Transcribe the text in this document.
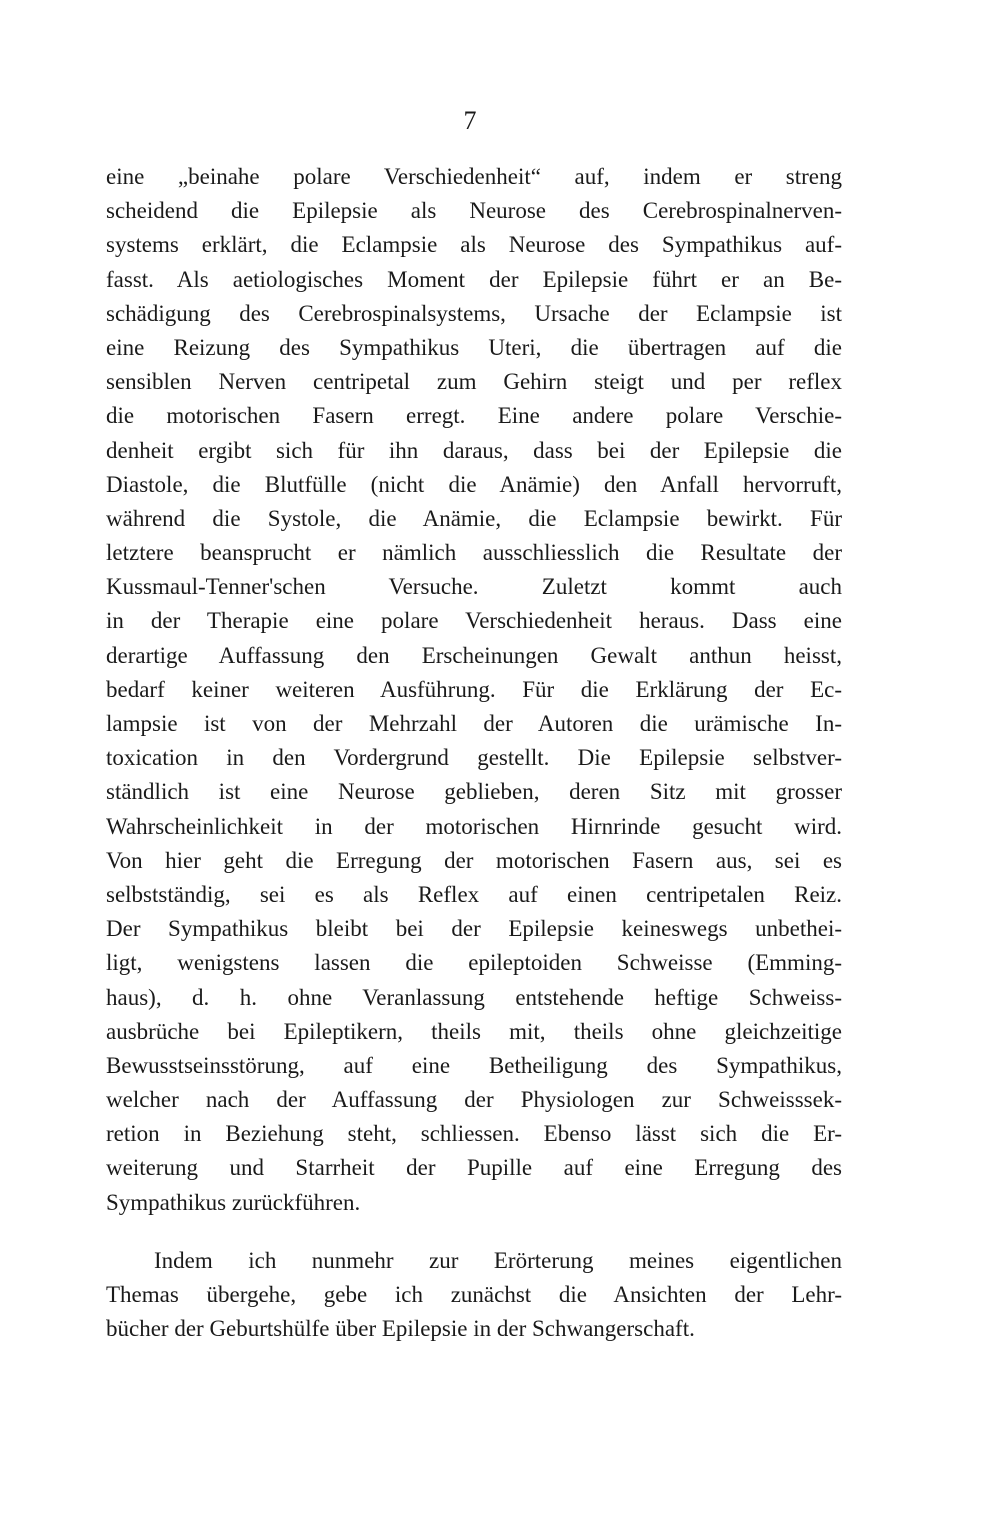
7
eine „beinahe polare Verschiedenheit“ auf, indem er streng
scheidend die Epilepsie als Neurose des Cerebrospinalnerven-
systems erklärt, die Eclampsie als Neurose des Sympathikus auf-
fasst. Als aetiologisches Moment der Epilepsie führt er an Be-
schädigung des Cerebrospinalsystems, Ursache der Eclampsie ist
eine Reizung des Sympathikus Uteri, die übertragen auf die
sensiblen Nerven centripetal zum Gehirn steigt und per reflex
die motorischen Fasern erregt. Eine andere polare Verschie-
denheit ergibt sich für ihn daraus, dass bei der Epilepsie die
Diastole, die Blutfülle (nicht die Anämie) den Anfall hervorruft,
während die Systole, die Anämie, die Eclampsie bewirkt. Für
letztere beansprucht er nämlich ausschliesslich die Resultate der
Kussmaul-Tenner'schen Versuche. Zuletzt kommt auch
in der Therapie eine polare Verschiedenheit heraus. Dass eine
derartige Auffassung den Erscheinungen Gewalt anthun heisst,
bedarf keiner weiteren Ausführung. Für die Erklärung der Ec-
lampsie ist von der Mehrzahl der Autoren die urämische In-
toxication in den Vordergrund gestellt. Die Epilepsie selbstver-
ständlich ist eine Neurose geblieben, deren Sitz mit grosser
Wahrscheinlichkeit in der motorischen Hirnrinde gesucht wird.
Von hier geht die Erregung der motorischen Fasern aus, sei es
selbstständig, sei es als Reflex auf einen centripetalen Reiz.
Der Sympathikus bleibt bei der Epilepsie keineswegs unbethei-
ligt, wenigstens lassen die epileptoiden Schweisse (Emming-
haus), d. h. ohne Veranlassung entstehende heftige Schweiss-
ausbrüche bei Epileptikern, theils mit, theils ohne gleichzeitige
Bewusstseinsstörung, auf eine Betheiligung des Sympathikus,
welcher nach der Auffassung der Physiologen zur Schweisssek-
retion in Beziehung steht, schliessen. Ebenso lässt sich die Er-
weiterung und Starrheit der Pupille auf eine Erregung des
Sympathikus zurückführen.
Indem ich nunmehr zur Erörterung meines eigentlichen
Themas übergehe, gebe ich zunächst die Ansichten der Lehr-
bücher der Geburtshülfe über Epilepsie in der Schwangerschaft.
